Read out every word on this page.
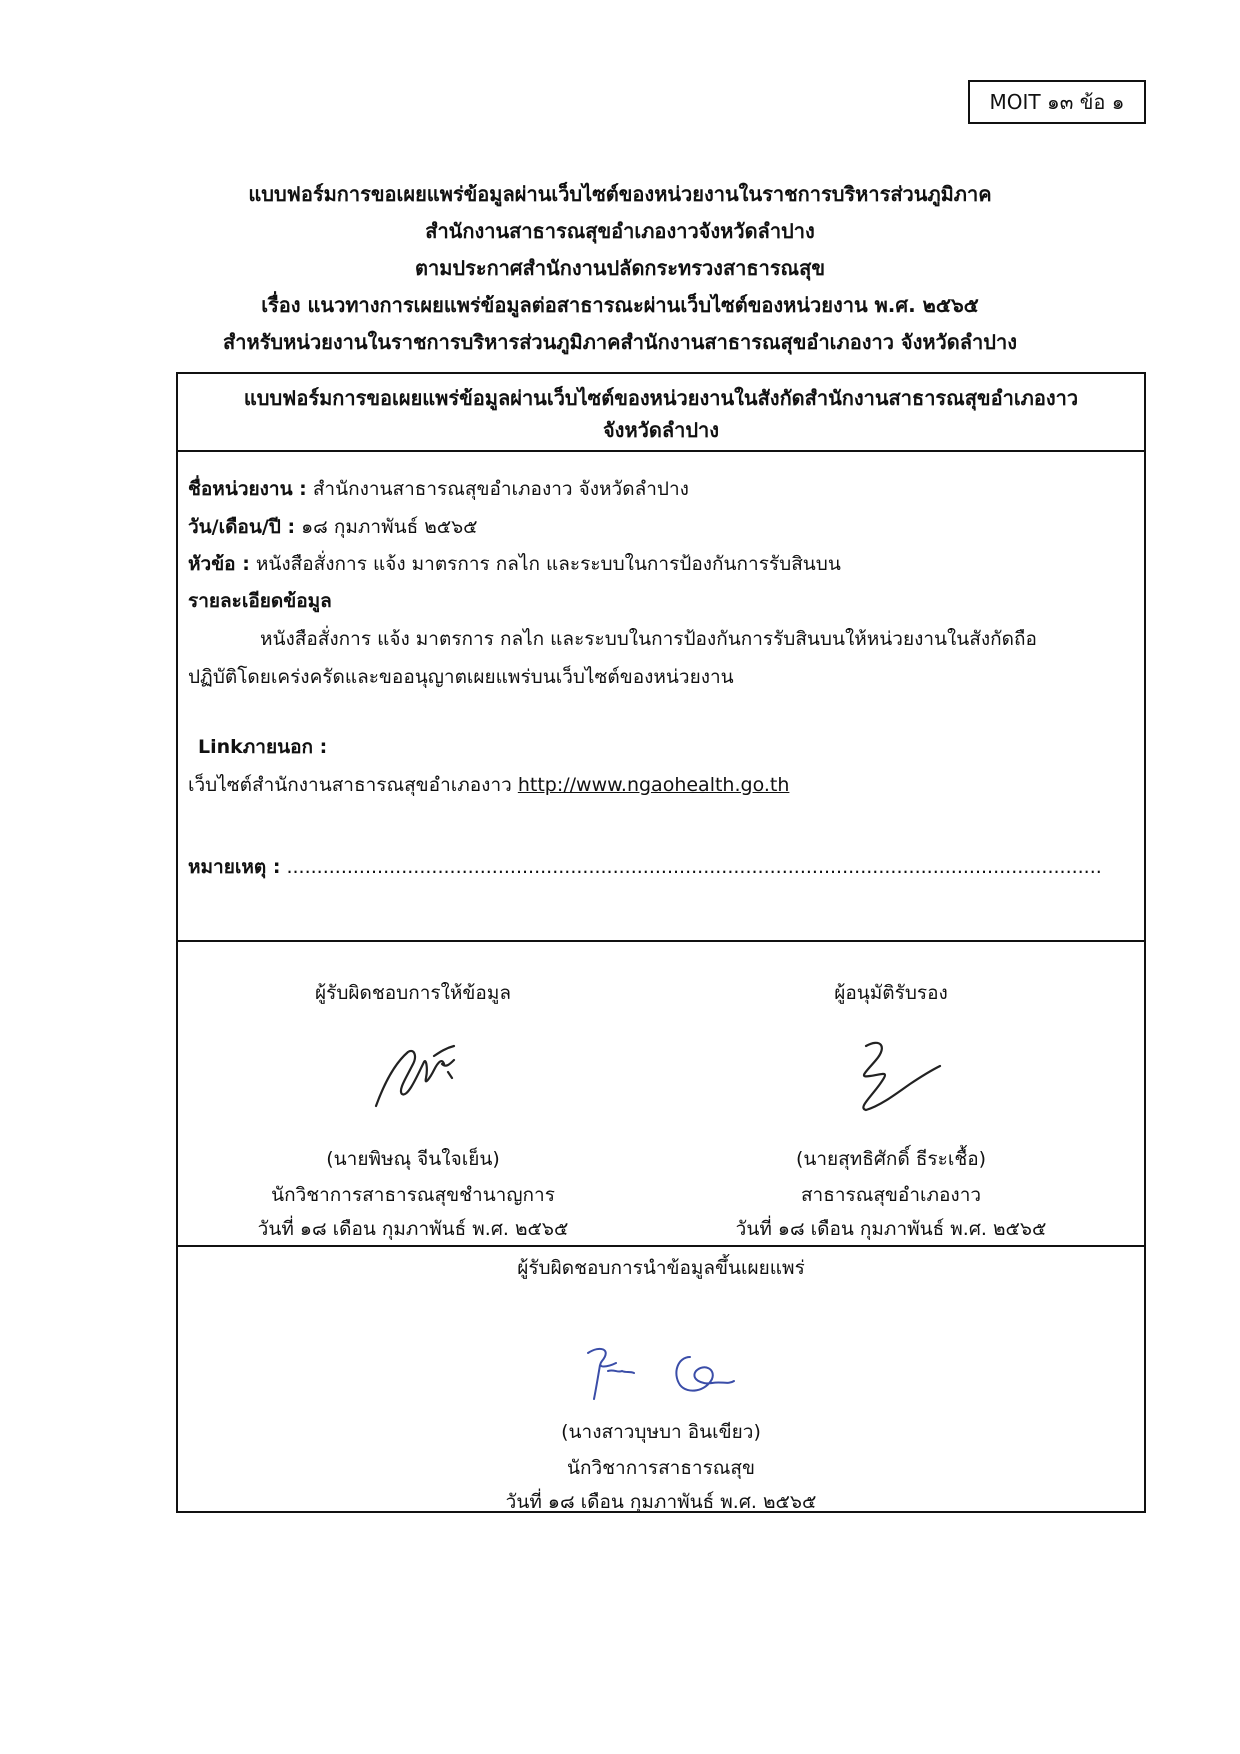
MOIT ๑๓ ข้อ ๑
แบบฟอร์มการขอเผยแพร่ข้อมูลผ่านเว็บไซต์ของหน่วยงานในราชการบริหารส่วนภูมิภาค
สำนักงานสาธารณสุขอำเภองาวจังหวัดลำปาง
ตามประกาศสำนักงานปลัดกระทรวงสาธารณสุข
เรื่อง แนวทางการเผยแพร่ข้อมูลต่อสาธารณะผ่านเว็บไซต์ของหน่วยงาน พ.ศ. ๒๕๖๕
สำหรับหน่วยงานในราชการบริหารส่วนภูมิภาคสำนักงานสาธารณสุขอำเภองาว จังหวัดลำปาง
แบบฟอร์มการขอเผยแพร่ข้อมูลผ่านเว็บไซต์ของหน่วยงานในสังกัดสำนักงานสาธารณสุขอำเภองาว
จังหวัดลำปาง
ชื่อหน่วยงาน : สำนักงานสาธารณสุขอำเภองาว จังหวัดลำปาง
วัน/เดือน/ปี : ๑๘ กุมภาพันธ์ ๒๕๖๕
หัวข้อ : หนังสือสั่งการ แจ้ง มาตรการ กลไก และระบบในการป้องกันการรับสินบน
รายละเอียดข้อมูล
หนังสือสั่งการ แจ้ง มาตรการ กลไก และระบบในการป้องกันการรับสินบนให้หน่วยงานในสังกัดถือ
ปฏิบัติโดยเคร่งครัดและขออนุญาตเผยแพร่บนเว็บไซต์ของหน่วยงาน
Linkภายนอก :
เว็บไซต์สำนักงานสาธารณสุขอำเภองาว http://www.ngaohealth.go.th
หมายเหตุ : .......................................................................................................................................
ผู้รับผิดชอบการให้ข้อมูล
(นายพิษณุ จีนใจเย็น)
นักวิชาการสาธารณสุขชำนาญการ
วันที่ ๑๘ เดือน กุมภาพันธ์ พ.ศ. ๒๕๖๕
ผู้อนุมัติรับรอง
(นายสุทธิศักดิ์ ธีระเชื้อ)
สาธารณสุขอำเภองาว
วันที่ ๑๘ เดือน กุมภาพันธ์ พ.ศ. ๒๕๖๕
ผู้รับผิดชอบการนำข้อมูลขึ้นเผยแพร่
(นางสาวบุษบา อินเขียว)
นักวิชาการสาธารณสุข
วันที่ ๑๘ เดือน กุมภาพันธ์ พ.ศ. ๒๕๖๕
